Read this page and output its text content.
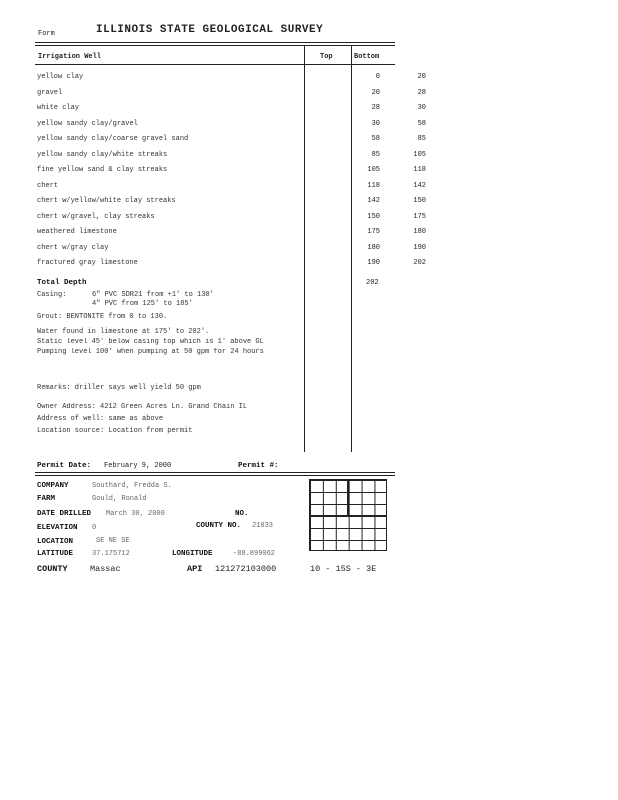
Form	ILLINOIS STATE GEOLOGICAL SURVEY
Irrigation Well	Top	Bottom
yellow clay	0	20
gravel	20	28
white clay	28	30
yellow sandy clay/gravel	30	58
yellow sandy clay/coarse gravel sand	58	85
yellow sandy clay/white streaks	85	105
fine yellow sand & clay streaks	105	118
chert	118	142
chert w/yellow/white clay streaks	142	150
chert w/gravel, clay streaks	150	175
weathered limestone	175	180
chert w/gray clay	180	190
fractured gray limestone	190	202
Total Depth	202
Casing:	6" PVC SDR21 from +1' to 130'
4" PVC from 125' to 185'
Grout: BENTONITE from 0 to 130.
Water found in limestone at 175' to 202'.
Static level 45' below casing top which is 1' above GL
Pumping level 100' when pumping at 50 gpm for 24 hours
Remarks: driller says well yield 50 gpm
Owner Address: 4212 Green Acres Ln. Grand Chain IL
Address of well: same as above
Location source: Location from permit
Permit Date: February 9, 2000	Permit #:
COMPANY	Southard, Fredda S.
FARM	Gould, Ronald
DATE DRILLED March 30, 2000	NO.
ELEVATION 0	COUNTY NO. 21033
LOCATION	SE NE SE
LATITUDE	37.175712	LONGITUDE	-88.899062
COUNTY	Massac	API 121272103000	10 - 15S - 3E
